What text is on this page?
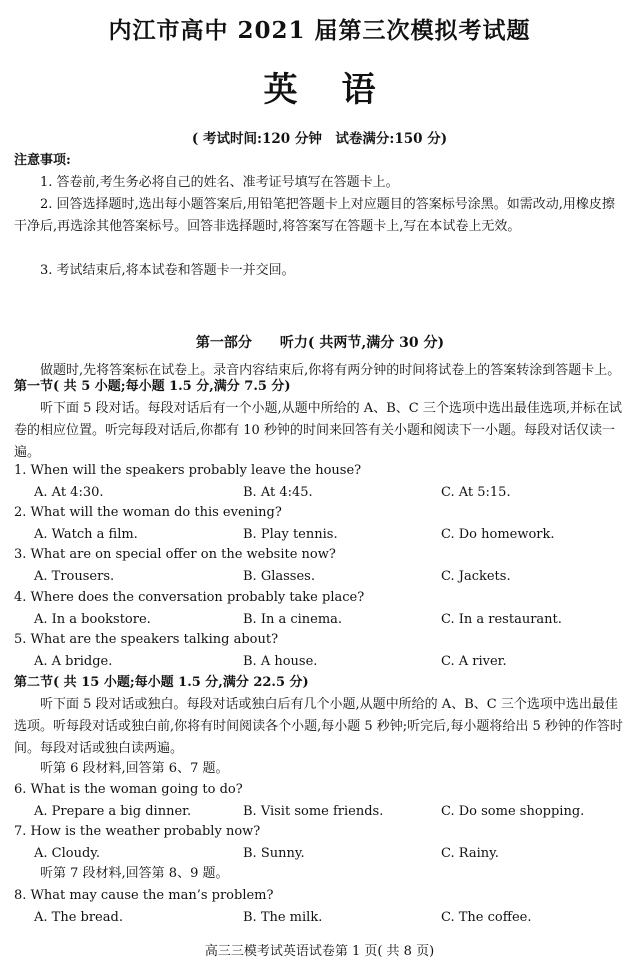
内江市高中 2021 届第三次模拟考试题
英 语
( 考试时间:120 分钟　试卷满分:150 分)
注意事项:
1. 答卷前,考生务必将自己的姓名、准考证号填写在答题卡上。
2. 回答选择题时,选出每小题答案后,用铅笔把答题卡上对应题目的答案标号涂黑。如需改动,用橡皮擦干净后,再选涂其他答案标号。回答非选择题时,将答案写在答题卡上,写在本试卷上无效。
3. 考试结束后,将本试卷和答题卡一并交回。
第一部分　　听力( 共两节,满分 30 分)
做题时,先将答案标在试卷上。录音内容结束后,你将有两分钟的时间将试卷上的答案转涂到答题卡上。
第一节( 共 5 小题;每小题 1.5 分,满分 7.5 分)
听下面 5 段对话。每段对话后有一个小题,从题中所给的 A、B、C 三个选项中选出最佳选项,并标在试卷的相应位置。听完每段对话后,你都有 10 秒钟的时间来回答有关小题和阅读下一小题。每段对话仅读一遍。
1. When will the speakers probably leave the house?
A. At 4:30.	B. At 4:45.	C. At 5:15.
2. What will the woman do this evening?
A. Watch a film.	B. Play tennis.	C. Do homework.
3. What are on special offer on the website now?
A. Trousers.	B. Glasses.	C. Jackets.
4. Where does the conversation probably take place?
A. In a bookstore.	B. In a cinema.	C. In a restaurant.
5. What are the speakers talking about?
A. A bridge.	B. A house.	C. A river.
第二节( 共 15 小题;每小题 1.5 分,满分 22.5 分)
听下面 5 段对话或独白。每段对话或独白后有几个小题,从题中所给的 A、B、C 三个选项中选出最佳选项。听每段对话或独白前,你将有时间阅读各个小题,每小题 5 秒钟;听完后,每小题将给出 5 秒钟的作答时间。每段对话或独白读两遍。
听第 6 段材料,回答第 6、7 题。
6. What is the woman going to do?
A. Prepare a big dinner.	B. Visit some friends.	C. Do some shopping.
7. How is the weather probably now?
A. Cloudy.	B. Sunny.	C. Rainy.
听第 7 段材料,回答第 8、9 题。
8. What may cause the man’s problem?
A. The bread.	B. The milk.	C. The coffee.
高三三模考试英语试卷第 1 页( 共 8 页)
